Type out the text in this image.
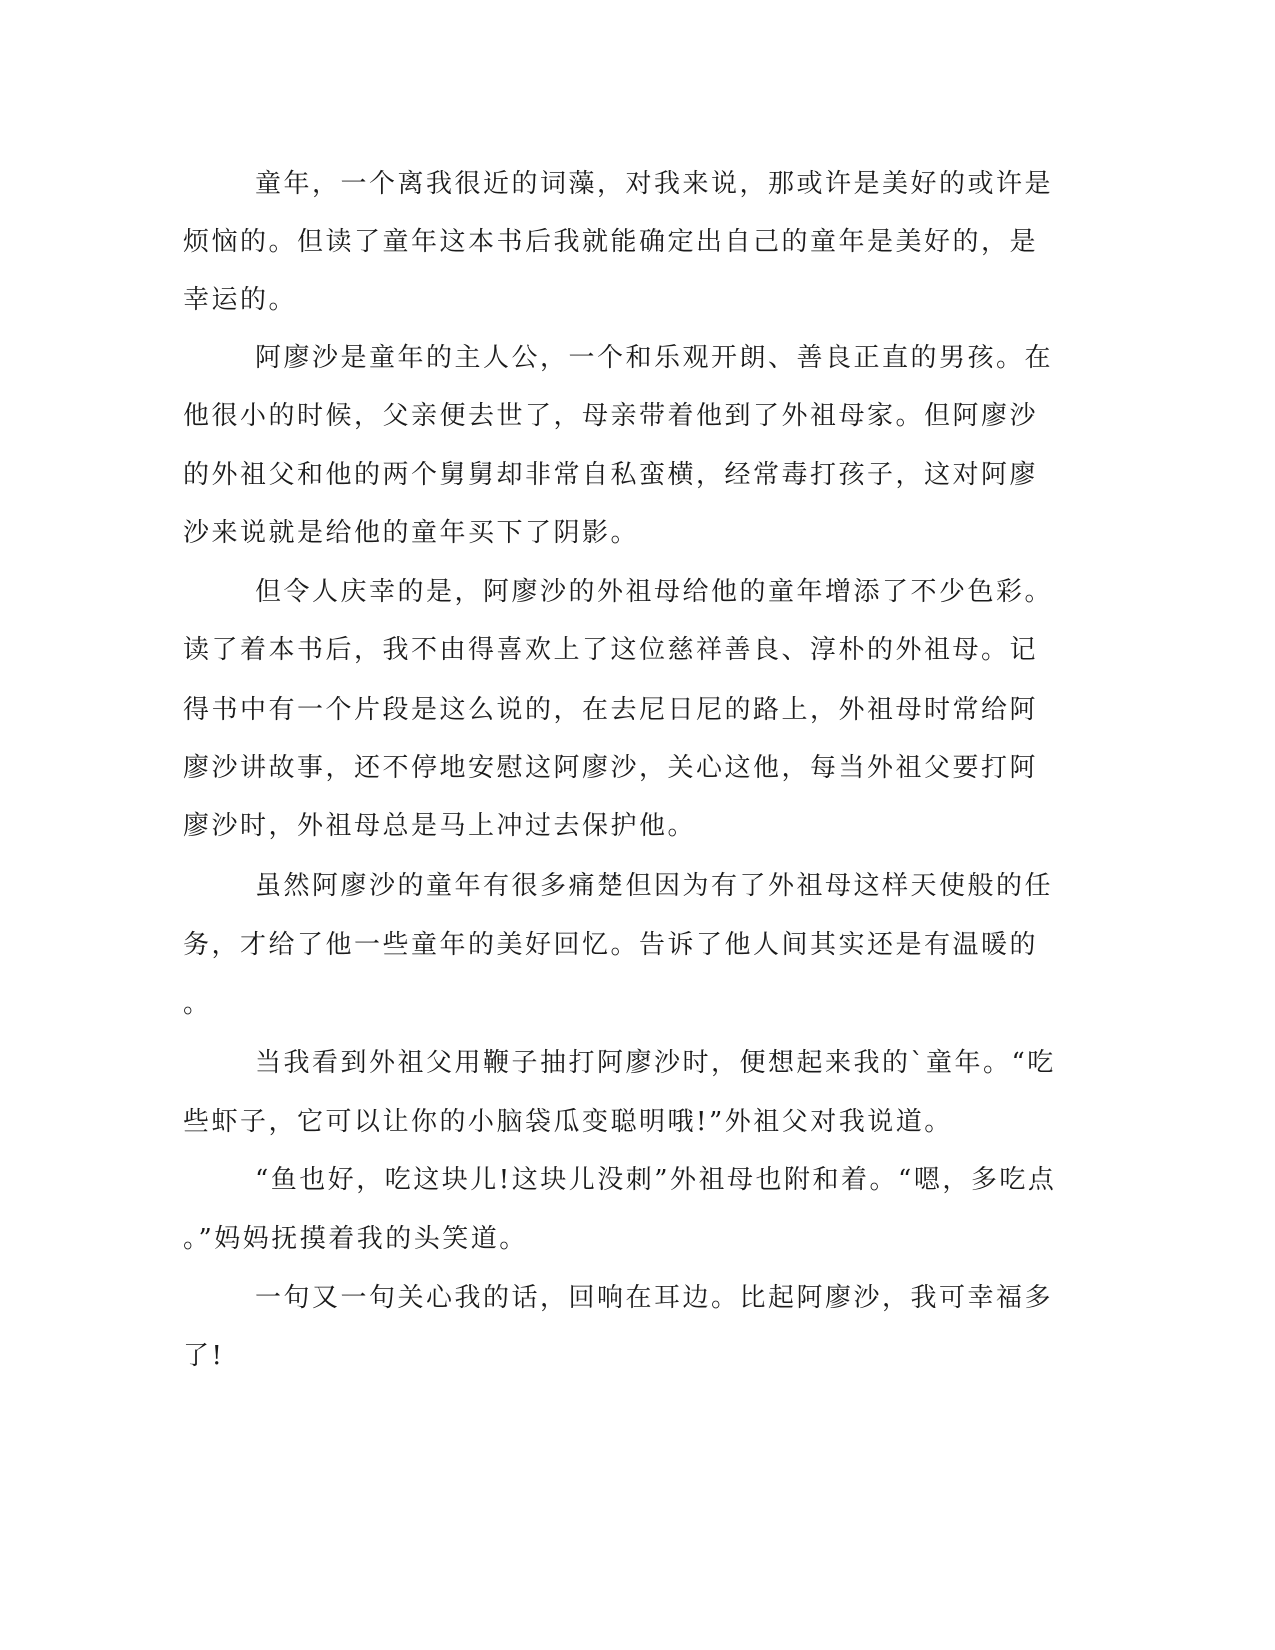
童年，一个离我很近的词藻，对我来说，那或许是美好的或许是
烦恼的。但读了童年这本书后我就能确定出自己的童年是美好的，是
幸运的。
阿廖沙是童年的主人公，一个和乐观开朗、善良正直的男孩。在
他很小的时候，父亲便去世了，母亲带着他到了外祖母家。但阿廖沙
的外祖父和他的两个舅舅却非常自私蛮横，经常毒打孩子，这对阿廖
沙来说就是给他的童年买下了阴影。
但令人庆幸的是，阿廖沙的外祖母给他的童年增添了不少色彩。
读了着本书后，我不由得喜欢上了这位慈祥善良、淳朴的外祖母。记
得书中有一个片段是这么说的，在去尼日尼的路上，外祖母时常给阿
廖沙讲故事，还不停地安慰这阿廖沙，关心这他，每当外祖父要打阿
廖沙时，外祖母总是马上冲过去保护他。
虽然阿廖沙的童年有很多痛楚但因为有了外祖母这样天使般的任
务，才给了他一些童年的美好回忆。告诉了他人间其实还是有温暖的
。
当我看到外祖父用鞭子抽打阿廖沙时，便想起来我的`童年。“吃
些虾子，它可以让你的小脑袋瓜变聪明哦!”外祖父对我说道。
“鱼也好，吃这块儿!这块儿没刺”外祖母也附和着。“嗯，多吃点
。”妈妈抚摸着我的头笑道。
一句又一句关心我的话，回响在耳边。比起阿廖沙，我可幸福多
了!
